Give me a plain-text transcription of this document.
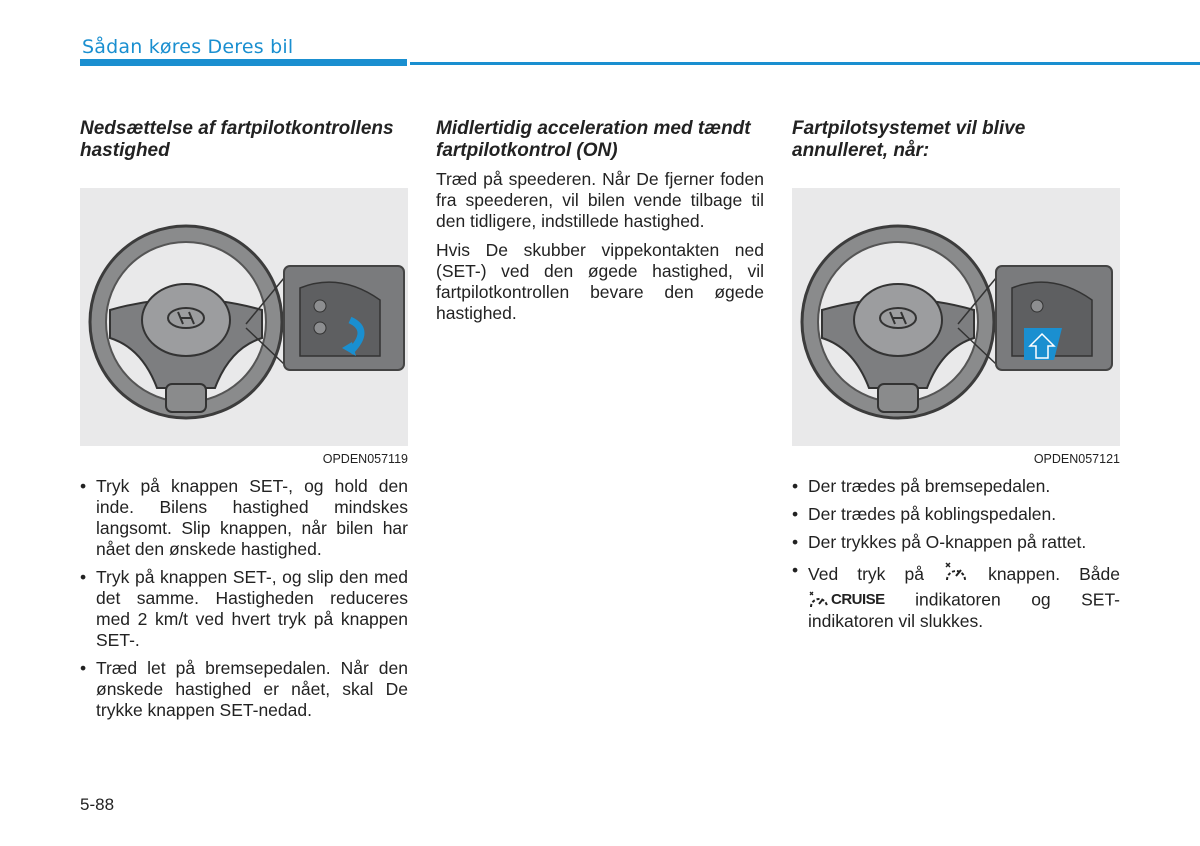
Sådan køres Deres bil
Nedsættelse af fartpilotkontrollens hastighed
OPDEN057119
• Tryk på knappen SET-, og hold den inde. Bilens hastighed mindskes langsomt. Slip knappen, når bilen har nået den ønskede hastighed.
• Tryk på knappen SET-, og slip den med det samme. Hastigheden reduceres med 2 km/t ved hvert tryk på knappen SET-.
• Træd let på bremsepedalen. Når den ønskede hastighed er nået, skal De trykke knappen SET-nedad.
Midlertidig acceleration med tændt fartpilotkontrol (ON)

Træd på speederen. Når De fjerner foden fra speederen, vil bilen vende tilbage til den tidligere, indstillede hastighed.

Hvis De skubber vippekontakten ned (SET-) ved den øgede hastighed, vil fartpilotkontrollen bevare den øgede hastighed.

Fartpilotsystemet vil blive annulleret, når:
OPDEN057121
• Der trædes på bremsepedalen.
• Der trædes på koblingspedalen.
• Der trykkes på O-knappen på rattet.
• Ved tryk på	knappen. Både
CRUISE indikatoren og SET-indikatoren vil slukkes.
5-88
